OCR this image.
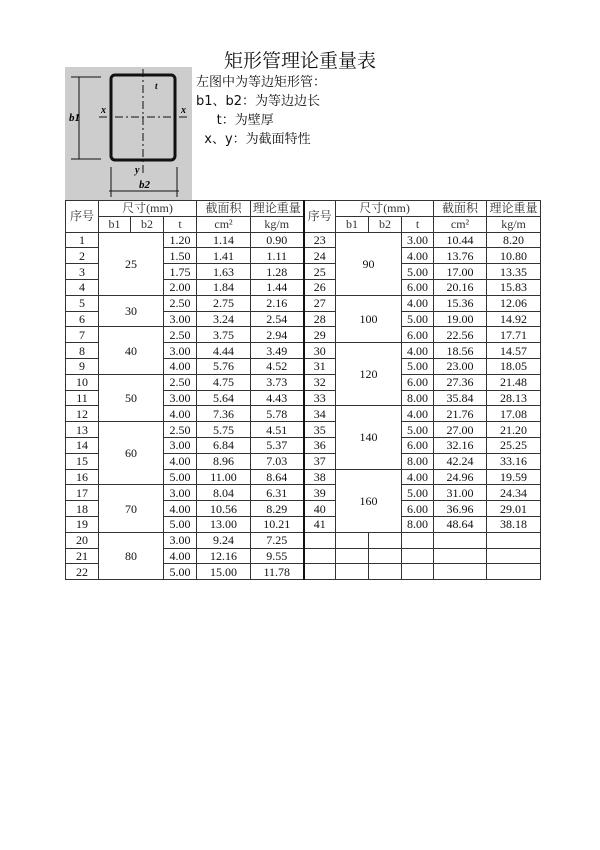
矩形管理论重量表
b1
b2
t
x	x
y
左图中为等边矩形管：
b1、b2：为等边边长
t：为壁厚
x、y：为截面特性
序号	尺寸(mm)			截面积	理论重量	序号	尺寸(mm)			截面积	理论重量
	b1	b2	t	cm²	kg/m		b1	b2	t	cm²	kg/m
1	25		1.20	1.14	0.90	23	90		3.00	10.44	8.20
2			1.50	1.41	1.11	24			4.00	13.76	10.80
3			1.75	1.63	1.28	25			5.00	17.00	13.35
4			2.00	1.84	1.44	26			6.00	20.16	15.83
5	30		2.50	2.75	2.16	27	100		4.00	15.36	12.06
6			3.00	3.24	2.54	28			5.00	19.00	14.92
7	40		2.50	3.75	2.94	29			6.00	22.56	17.71
8			3.00	4.44	3.49	30	120		4.00	18.56	14.57
9			4.00	5.76	4.52	31			5.00	23.00	18.05
10	50		2.50	4.75	3.73	32			6.00	27.36	21.48
11			3.00	5.64	4.43	33			8.00	35.84	28.13
12			4.00	7.36	5.78	34	140		4.00	21.76	17.08
13	60		2.50	5.75	4.51	35			5.00	27.00	21.20
14			3.00	6.84	5.37	36			6.00	32.16	25.25
15			4.00	8.96	7.03	37			8.00	42.24	33.16
16			5.00	11.00	8.64	38	160		4.00	24.96	19.59
17	70		3.00	8.04	6.31	39			5.00	31.00	24.34
18			4.00	10.56	8.29	40			6.00	36.96	29.01
19			5.00	13.00	10.21	41			8.00	48.64	38.18
20	80		3.00	9.24	7.25						
21			4.00	12.16	9.55						
22			5.00	15.00	11.78						
